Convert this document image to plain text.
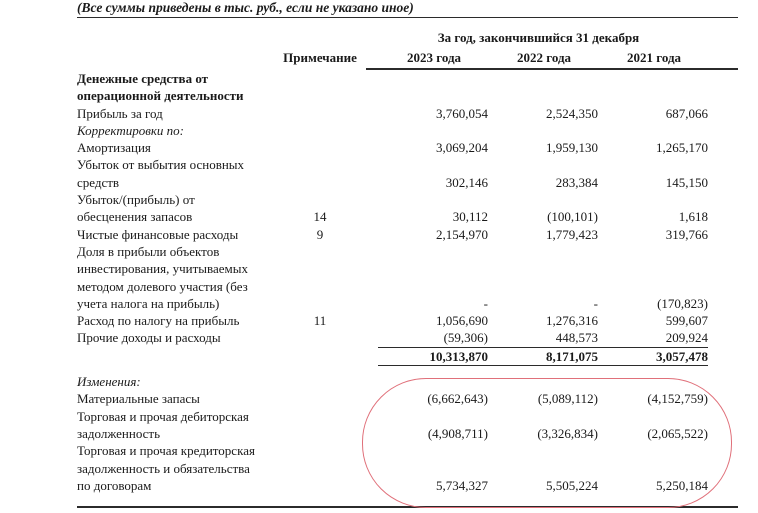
(Все суммы приведены в тыс. руб., если не указано иное)
За год, закончившийся 31 декабря
Примечание	2023 года	2022 года	2021 года
	Денежные средства от операционной деятельности					
	Прибыль за год		3,760,054	2,524,350	687,066	
	Корректировки по:					
	Амортизация		3,069,204	1,959,130	1,265,170	
	Убыток от выбытия основных средств		302,146	283,384	145,150	
	Убыток/(прибыль) от обесценения запасов	14	30,112	(100,101)	1,618	
	Чистые финансовые расходы	9	2,154,970	1,779,423	319,766	
	Доля в прибыли объектов инвестирования, учитываемых методом долевого участия (без учета налога на прибыль)		-	-	(170,823)	
	Расход по налогу на прибыль	11	1,056,690	1,276,316	599,607	
	Прочие доходы и расходы		(59,306)	448,573	209,924	
			10,313,870	8,171,075	3,057,478	

	Изменения:					
	Материальные запасы		(6,662,643)	(5,089,112)	(4,152,759)	
	Торговая и прочая дебиторская задолженность		(4,908,711)	(3,326,834)	(2,065,522)	
	Торговая и прочая кредиторская задолженность и обязательства по договорам		5,734,327	5,505,224	5,250,184	
